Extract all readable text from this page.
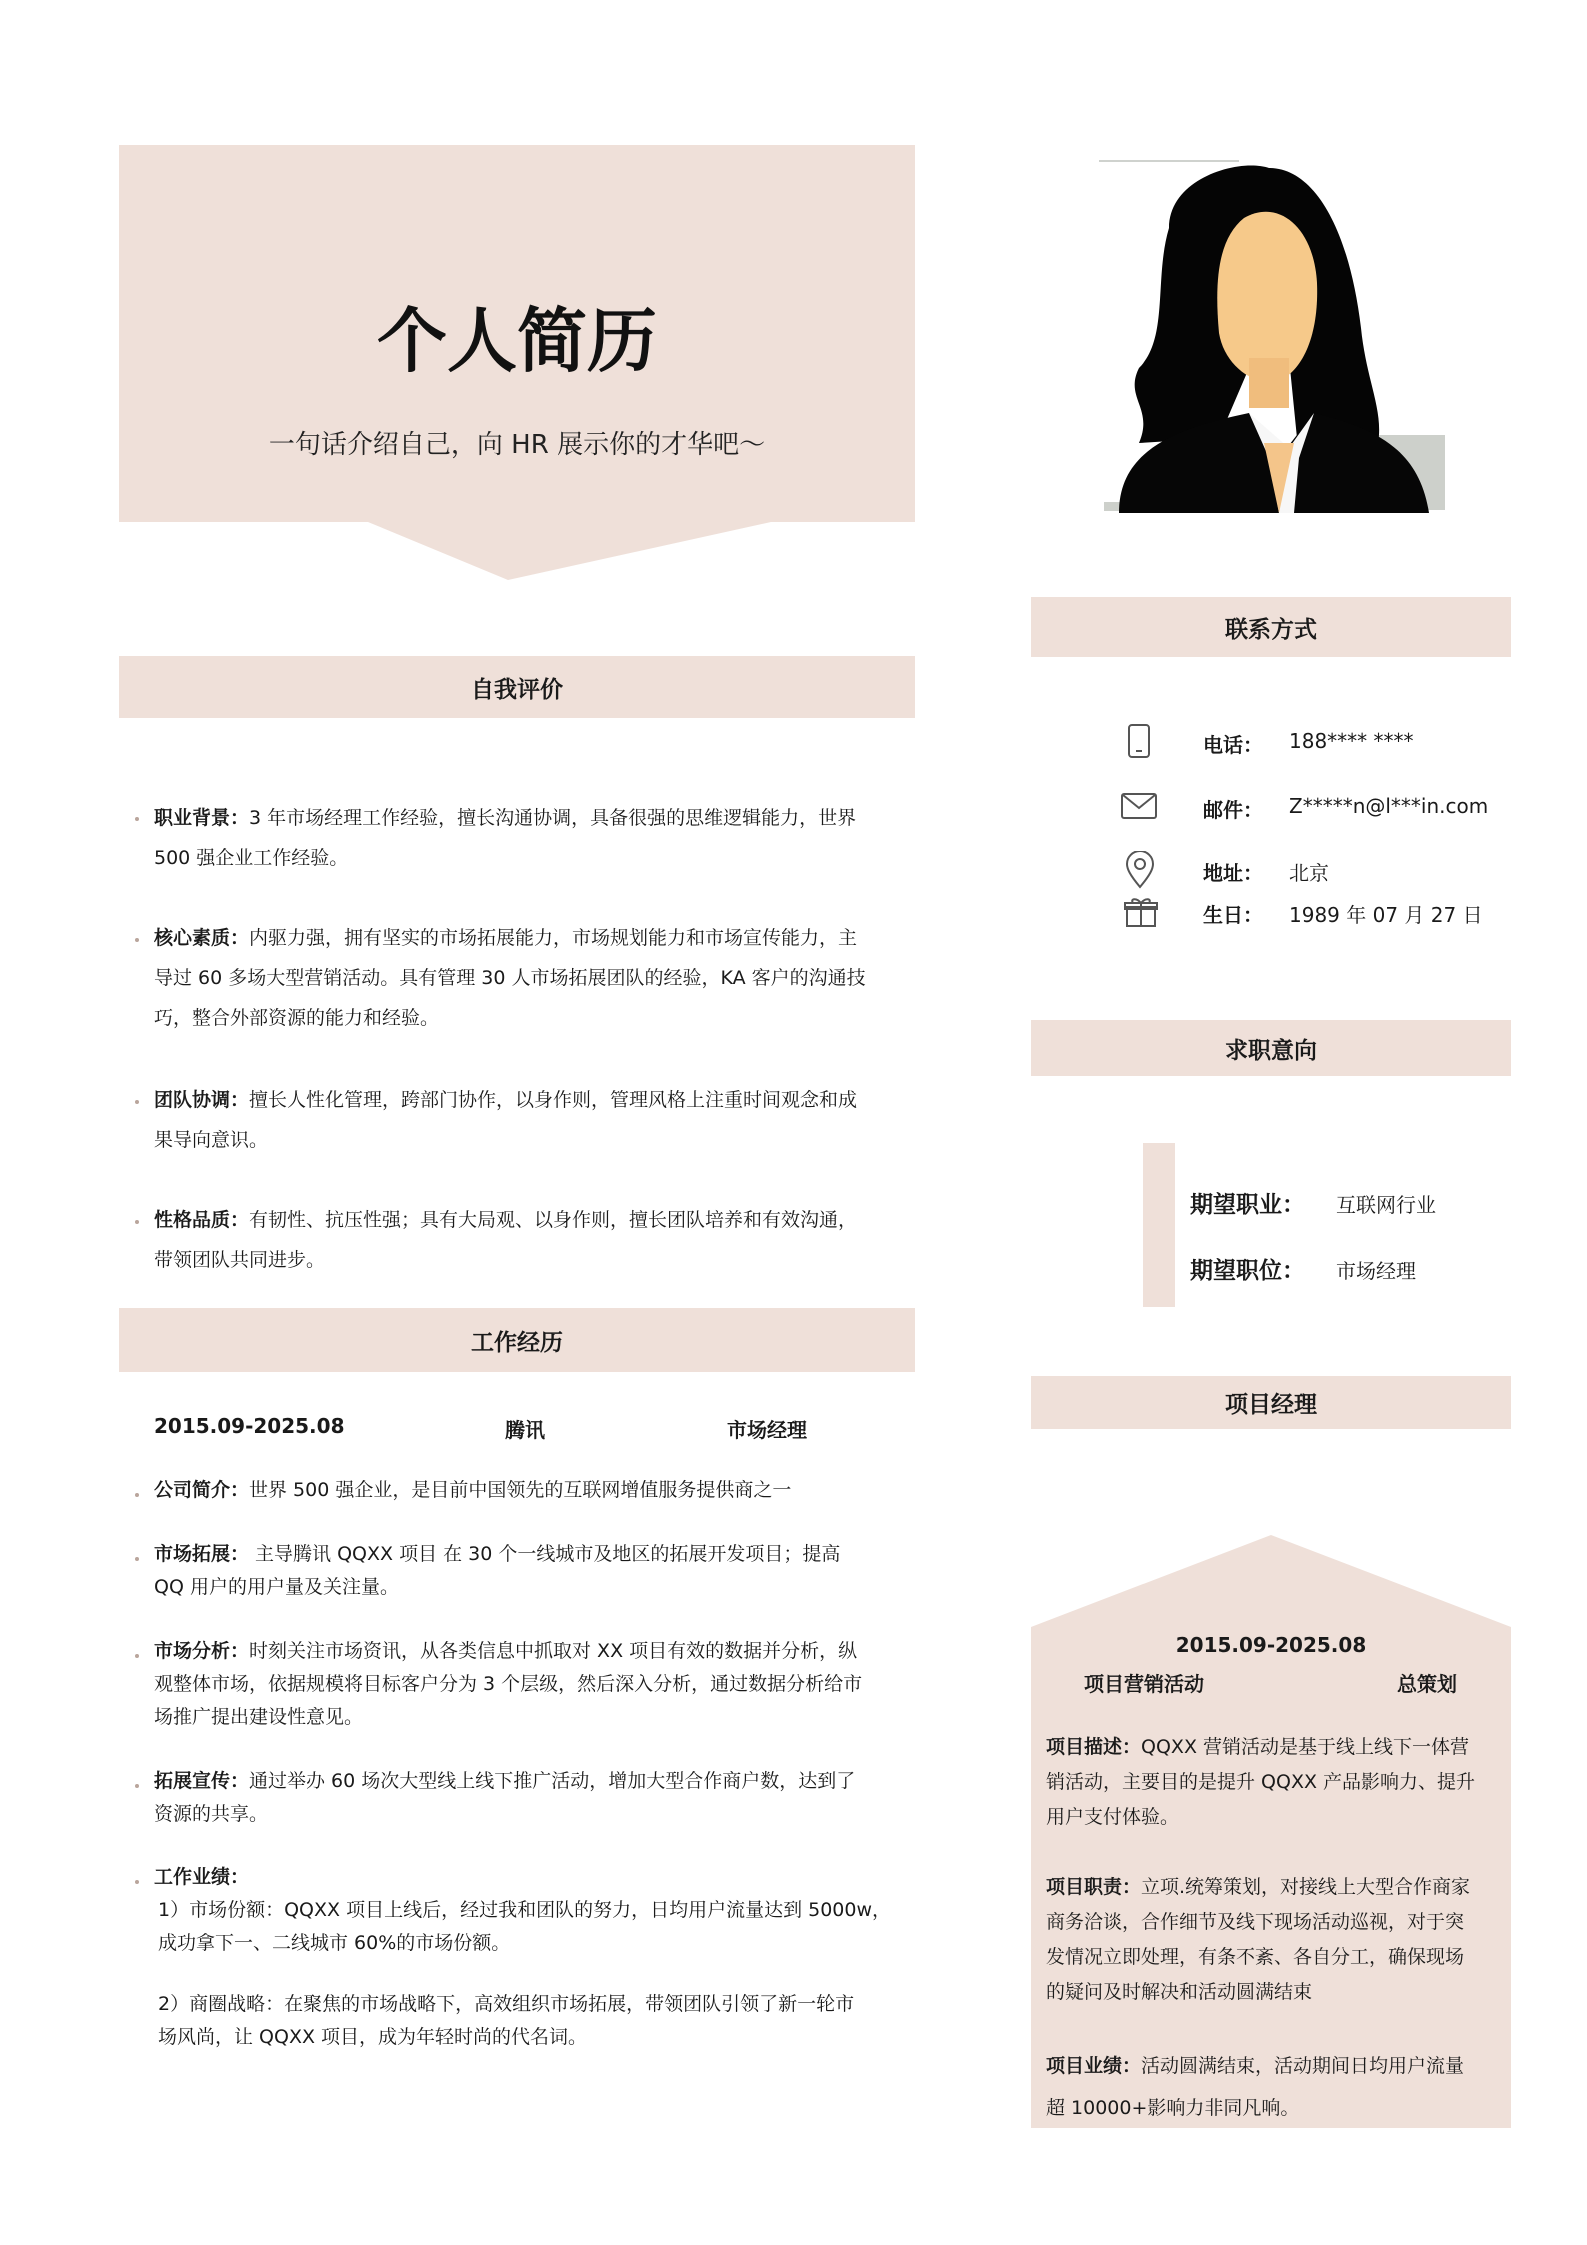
个人简历
一句话介绍自己，向 HR 展示你的才华吧～
自我评价
职业背景：3 年市场经理工作经验，擅长沟通协调，具备很强的思维逻辑能力，世界
500 强企业工作经验。
核心素质：内驱力强，拥有坚实的市场拓展能力，市场规划能力和市场宣传能力，主
导过 60 多场大型营销活动。具有管理 30 人市场拓展团队的经验，KA 客户的沟通技
巧，整合外部资源的能力和经验。
团队协调：擅长人性化管理，跨部门协作，以身作则，管理风格上注重时间观念和成
果导向意识。
性格品质：有韧性、抗压性强；具有大局观、以身作则，擅长团队培养和有效沟通，
带领团队共同进步。
工作经历
2015.09-2025.08	腾讯	市场经理
公司简介：世界 500 强企业，是目前中国领先的互联网增值服务提供商之一
市场拓展： 主导腾讯 QQXX 项目 在 30 个一线城市及地区的拓展开发项目；提高
QQ 用户的用户量及关注量。
市场分析：时刻关注市场资讯，从各类信息中抓取对 XX 项目有效的数据并分析，纵
观整体市场，依据规模将目标客户分为 3 个层级，然后深入分析，通过数据分析给市
场推广提出建设性意见。
拓展宣传：通过举办 60 场次大型线上线下推广活动，增加大型合作商户数，达到了
资源的共享。
工作业绩：
1）市场份额：QQXX 项目上线后，经过我和团队的努力，日均用户流量达到 5000w，
成功拿下一、二线城市 60%的市场份额。

2）商圈战略：在聚焦的市场战略下，高效组织市场拓展，带领团队引领了新一轮市
场风尚，让 QQXX 项目，成为年轻时尚的代名词。
联系方式
电话： 188**** ****
邮件： Z*****n@l***in.com
地址： 北京
生日： 1989 年 07 月 27 日
求职意向
期望职业： 互联网行业
期望职位： 市场经理
项目经理
2015.09-2025.08
项目营销活动	总策划
项目描述：QQXX 营销活动是基于线上线下一体营
销活动，主要目的是提升 QQXX 产品影响力、提升
用户支付体验。
项目职责：立项.统筹策划，对接线上大型合作商家
商务洽谈，合作细节及线下现场活动巡视，对于突
发情况立即处理，有条不紊、各自分工，确保现场
的疑问及时解决和活动圆满结束
项目业绩：活动圆满结束，活动期间日均用户流量
超 10000+影响力非同凡响。
